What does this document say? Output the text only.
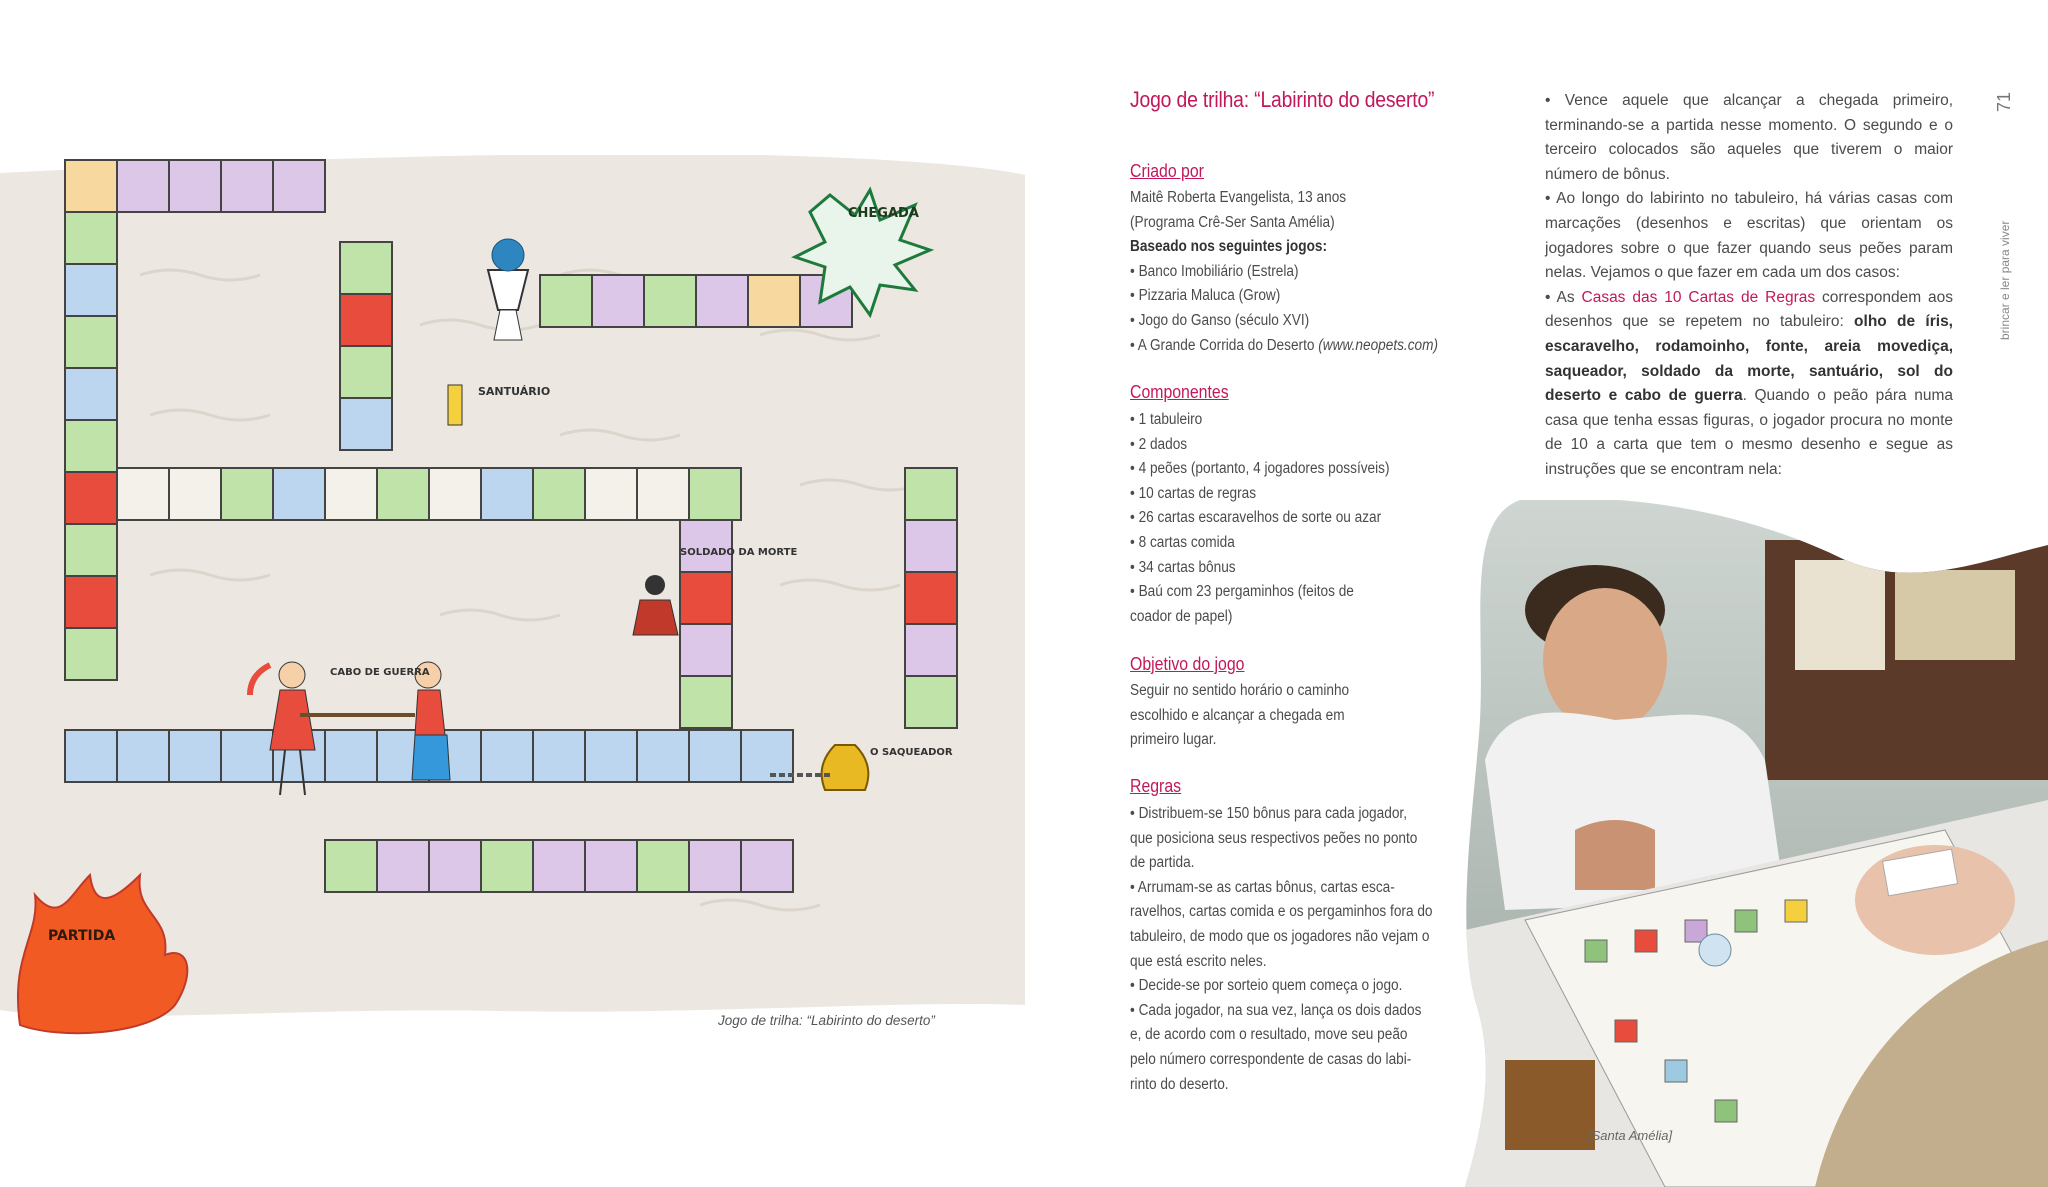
CHEGADA
PARTIDA
SANTUÁRIO
SOLDADO DA MORTE
CABO DE GUERRA
O SAQUEADOR
Jogo de trilha: “Labirinto do deserto”
Jogo de trilha: “Labirinto do deserto”
Criado por

Maitê Roberta Evangelista, 13 anos

(Programa Crê-Ser Santa Amélia)

Baseado nos seguintes jogos:

• Banco Imobiliário (Estrela)

• Pizzaria Maluca (Grow)

• Jogo do Ganso (século XVI)

• A Grande Corrida do Deserto (www.neopets.com)

Componentes

• 1 tabuleiro

• 2 dados

• 4 peões (portanto, 4 jogadores possíveis)

• 10 cartas de regras

• 26 cartas escaravelhos de sorte ou azar

• 8 cartas comida

• 34 cartas bônus

• Baú com 23 pergaminhos (feitos de

coador de papel)

Objetivo do jogo

Seguir no sentido horário o caminho

escolhido e alcançar a chegada em

primeiro lugar.

Regras

• Distribuem-se 150 bônus para cada jogador,

que posiciona seus respectivos peões no ponto

de partida.

• Arrumam-se as cartas bônus, cartas esca-

ravelhos, cartas comida e os pergaminhos fora do

tabuleiro, de modo que os jogadores não vejam o

que está escrito neles.

• Decide-se por sorteio quem começa o jogo.

• Cada jogador, na sua vez, lança os dois dados

e, de acordo com o resultado, move seu peão

pelo número correspondente de casas do labi-

rinto do deserto.

• Vence aquele que alcançar a chegada primeiro, terminando-se a partida nesse momento. O segundo e o terceiro colocados são aqueles que tiverem o maior número de bônus.

• Ao longo do labirinto no tabuleiro, há várias casas com marcações (desenhos e escritas) que orientam os jogadores sobre o que fazer quando seus peões param nelas. Vejamos o que fazer em cada um dos casos:

• As Casas das 10 Cartas de Regras correspondem aos desenhos que se repetem no tabuleiro: olho de íris, escaravelho, rodamoinho, fonte, areia movediça, saqueador, soldado da morte, santuário, sol do deserto e cabo de guerra. Quando o peão pára numa casa que tenha essas figuras, o jogador procura no monte de 10 a carta que tem o mesmo desenho e segue as instruções que se encontram nela:

71
brincar e ler para viver
[Santa Amélia]
